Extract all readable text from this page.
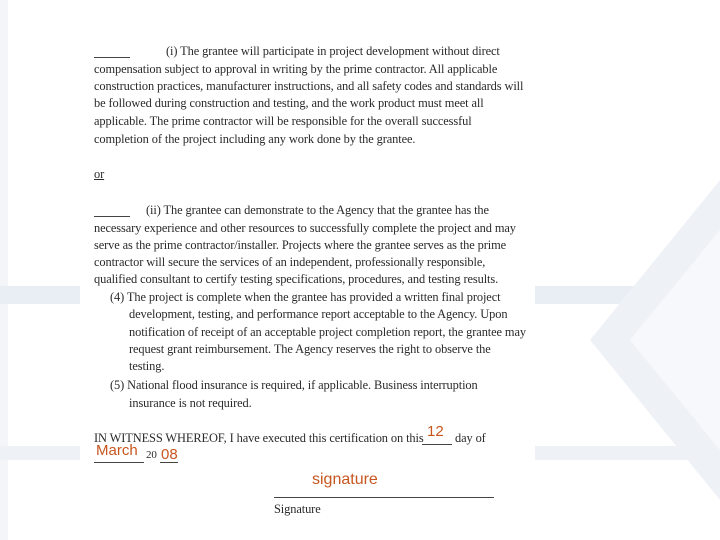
(i) The grantee will participate in project development without direct
compensation subject to approval in writing by the prime contractor. All applicable
construction practices, manufacturer instructions, and all safety codes and standards will
be followed during construction and testing, and the work product must meet all
applicable. The prime contractor will be responsible for the overall successful
completion of the project including any work done by the grantee.
or
(ii) The grantee can demonstrate to the Agency that the grantee has the
necessary experience and other resources to successfully complete the project and may
serve as the prime contractor/installer. Projects where the grantee serves as the prime
contractor will secure the services of an independent, professionally responsible,
qualified consultant to certify testing specifications, procedures, and testing results.
(4) The project is complete when the grantee has provided a written final project
development, testing, and performance report acceptable to the Agency. Upon
notification of receipt of an acceptable project completion report, the grantee may
request grant reimbursement. The Agency reserves the right to observe the
testing.
(5) National flood insurance is required, if applicable. Business interruption
insurance is not required.
IN WITNESS WHEREOF, I have executed this certification on this 12 day of
March 20 08
signature
Signature
